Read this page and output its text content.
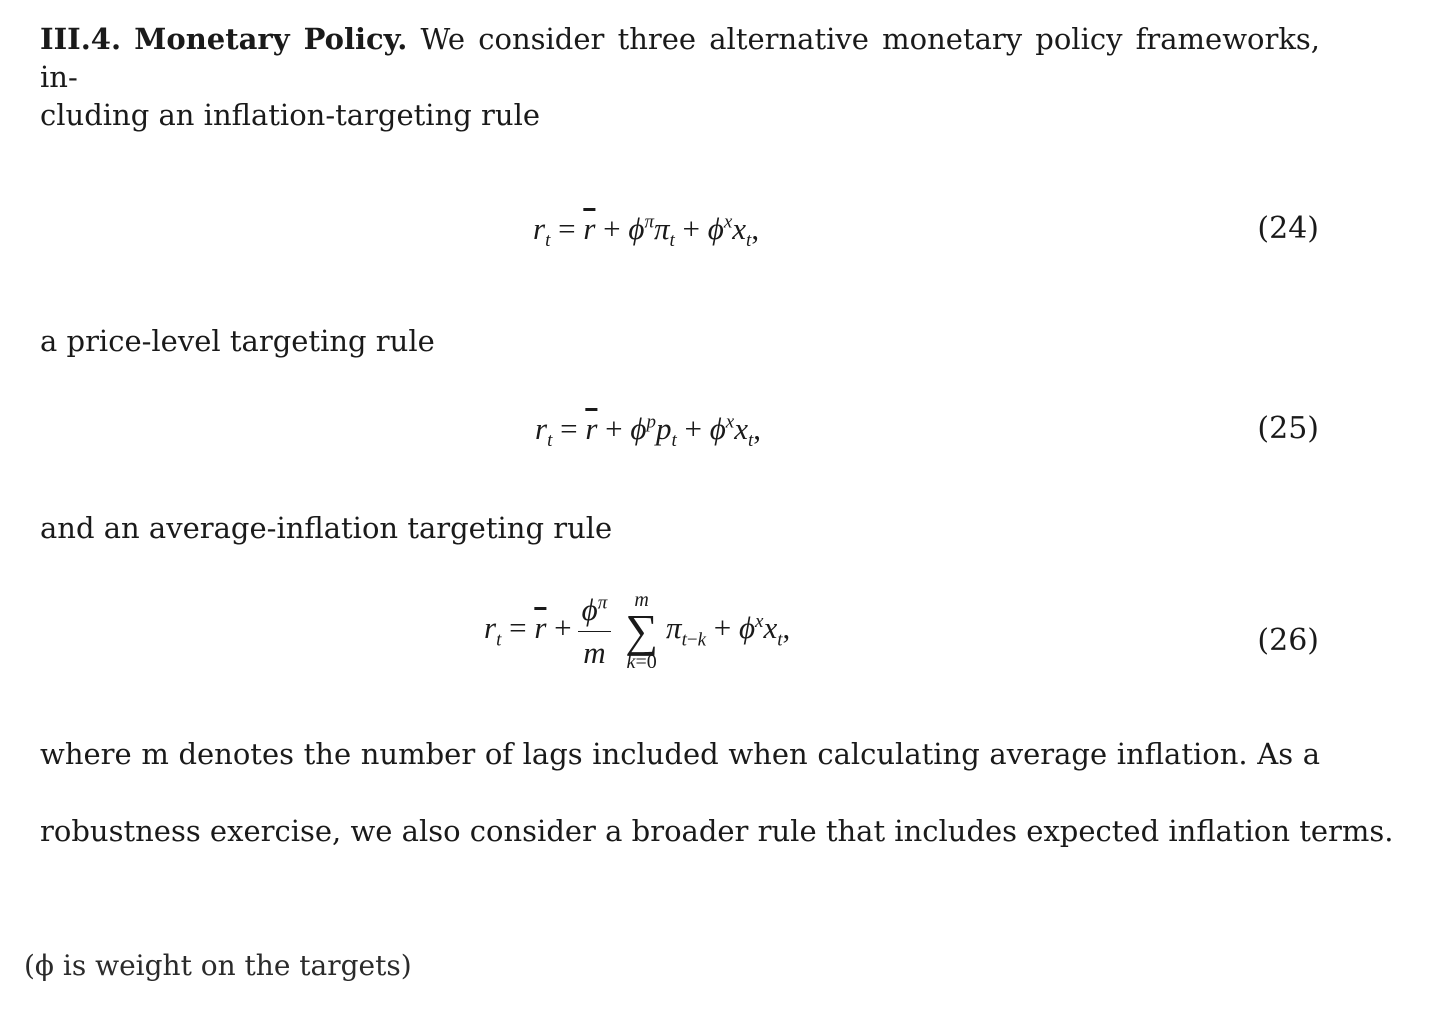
III.4. Monetary Policy. We consider three alternative monetary policy frameworks, in-
cluding an inflation-targeting rule
$r_t = \overline{r} + \phi^\pi\pi_t + \phi^xx_t$,	(24)
a price-level targeting rule
$r_t = \overline{r} + \phi^pp_t + \phi^xx_t$,	(25)
and an average-inflation targeting rule
$r_t = \overline{r} + \frac{\phi^\pi}{m}$	m
∑
k=0
$\pi_{t-k} + \phi^xx_t$,	(26)
where m denotes the number of lags included when calculating average inflation. As a
robustness exercise, we also consider a broader rule that includes expected inflation terms.
(ϕ is weight on the targets)
